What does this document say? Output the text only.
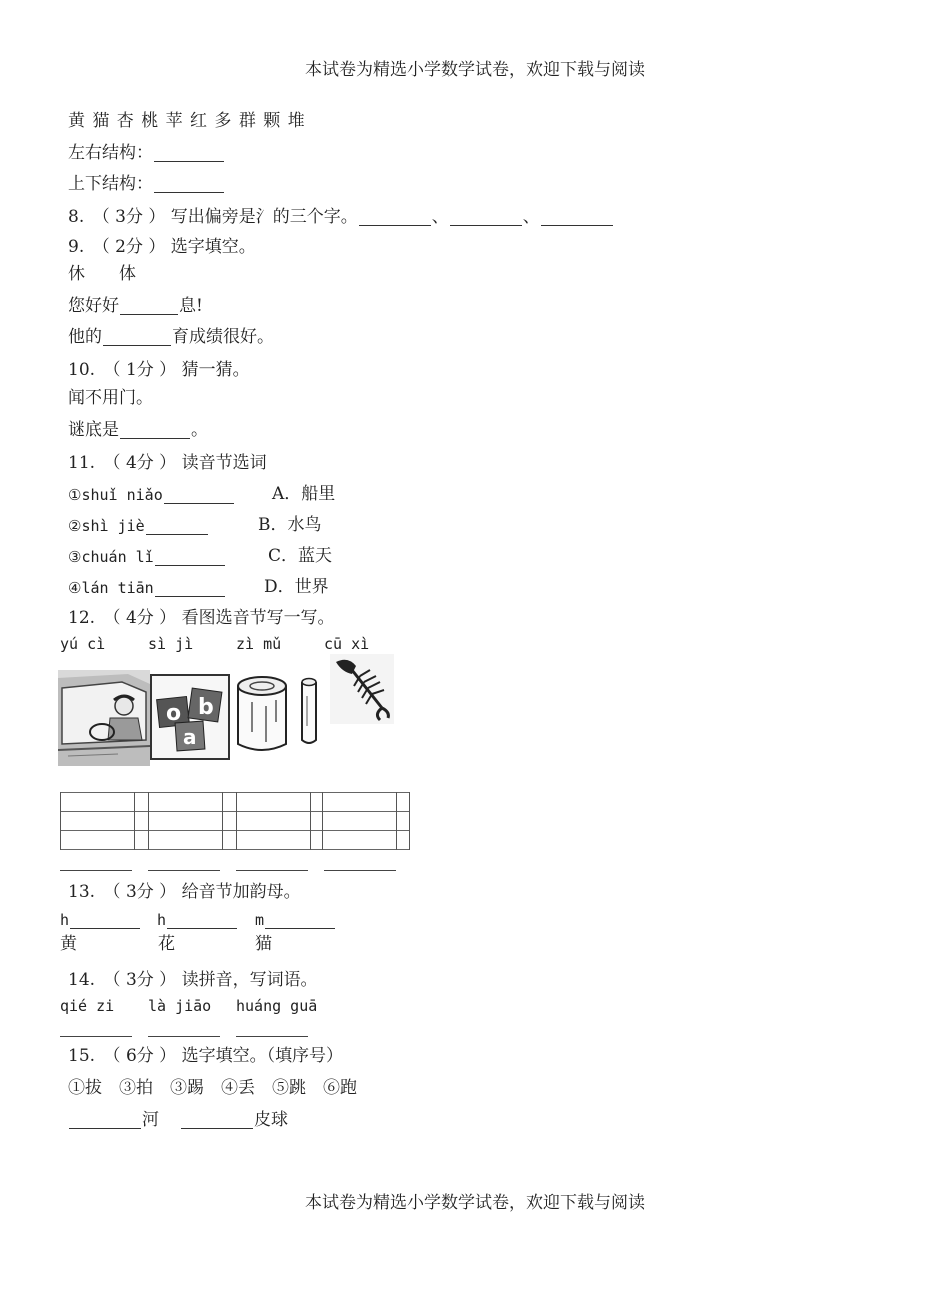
本试卷为精选小学数学试卷，欢迎下载与阅读
黄 猫 杏 桃 苹 红 多 群 颗 堆
左右结构：
上下结构：
8.　（ 3分 ） 写出偏旁是氵的三个字。	、	、
9.　（ 2分 ） 选字填空。
休　　体
您好好	息!
他的	育成绩很好。
10.　（ 1分 ） 猜一猜。
闻不用门。
谜底是	。
11.　（ 4分 ） 读音节选词
①shuǐ niǎo	A．船里
②shì jiè	B．水鸟
③chuán lǐ	C．蓝天
④lán tiān	D．世界
12.　（ 4分 ） 看图选音节写一写。
yú cì	sì jì	zì mǔ	cū xì
o b
a
13.　（ 3分 ） 给音节加韵母。
h	h	m
黄	花	猫
14.　（ 3分 ） 读拼音，写词语。
qié zi là jiāo huáng guā
15.　（ 6分 ） 选字填空。（填序号）
①拔　③拍　③踢　④丢　⑤跳　⑥跑
河	皮球
本试卷为精选小学数学试卷，欢迎下载与阅读
